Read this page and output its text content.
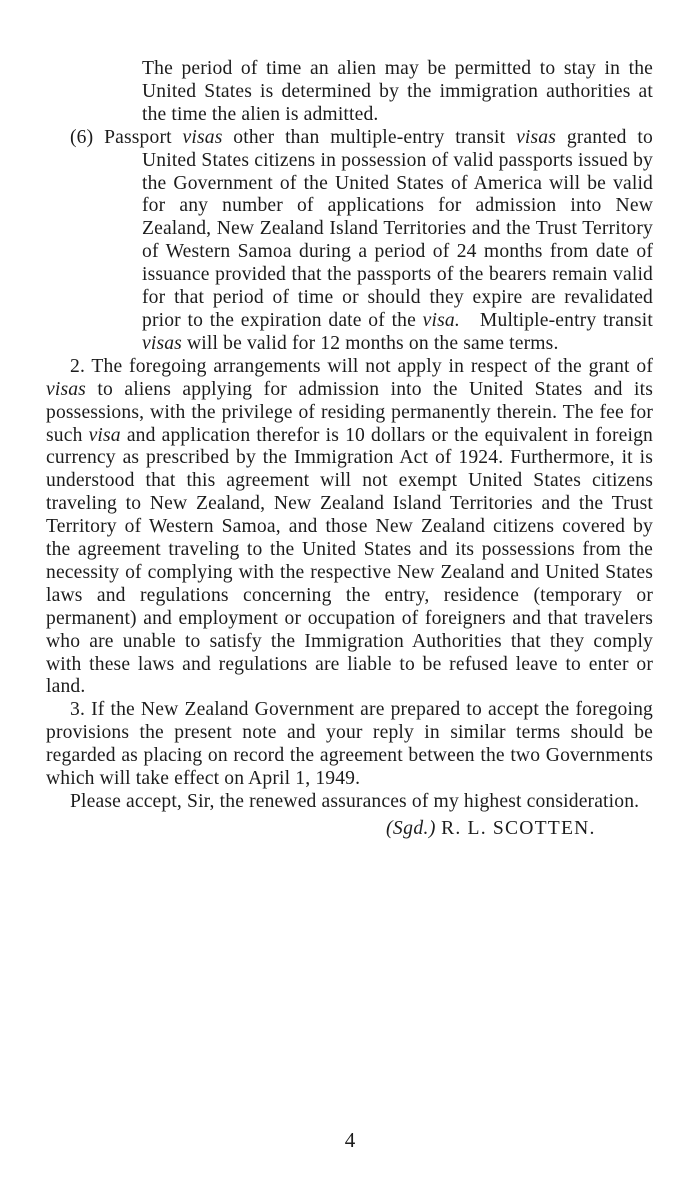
The period of time an alien may be permitted to stay in the United States is determined by the immigration authorities at the time the alien is admitted.

(6) Passport visas other than multiple-entry transit visas granted to United States citizens in possession of valid passports issued by the Government of the United States of America will be valid for any number of applications for admission into New Zealand, New Zealand Island Territories and the Trust Territory of Western Samoa during a period of 24 months from date of issuance provided that the passports of the bearers remain valid for that period of time or should they expire are revalidated prior to the expiration date of the visa. Multiple-entry transit visas will be valid for 12 months on the same terms.

2. The foregoing arrangements will not apply in respect of the grant of visas to aliens applying for admission into the United States and its possessions, with the privilege of residing permanently therein. The fee for such visa and application therefor is 10 dollars or the equivalent in foreign currency as prescribed by the Immigration Act of 1924. Furthermore, it is understood that this agreement will not exempt United States citizens traveling to New Zealand, New Zealand Island Territories and the Trust Territory of Western Samoa, and those New Zealand citizens covered by the agreement traveling to the United States and its possessions from the necessity of complying with the respective New Zealand and United States laws and regulations concerning the entry, residence (temporary or permanent) and employment or occupation of foreigners and that travelers who are unable to satisfy the Immigration Authorities that they comply with these laws and regulations are liable to be refused leave to enter or land.

3. If the New Zealand Government are prepared to accept the foregoing provisions the present note and your reply in similar terms should be regarded as placing on record the agreement between the two Governments which will take effect on April 1, 1949.

Please accept, Sir, the renewed assurances of my highest consideration.

(Sgd.) R. L. SCOTTEN.

4
